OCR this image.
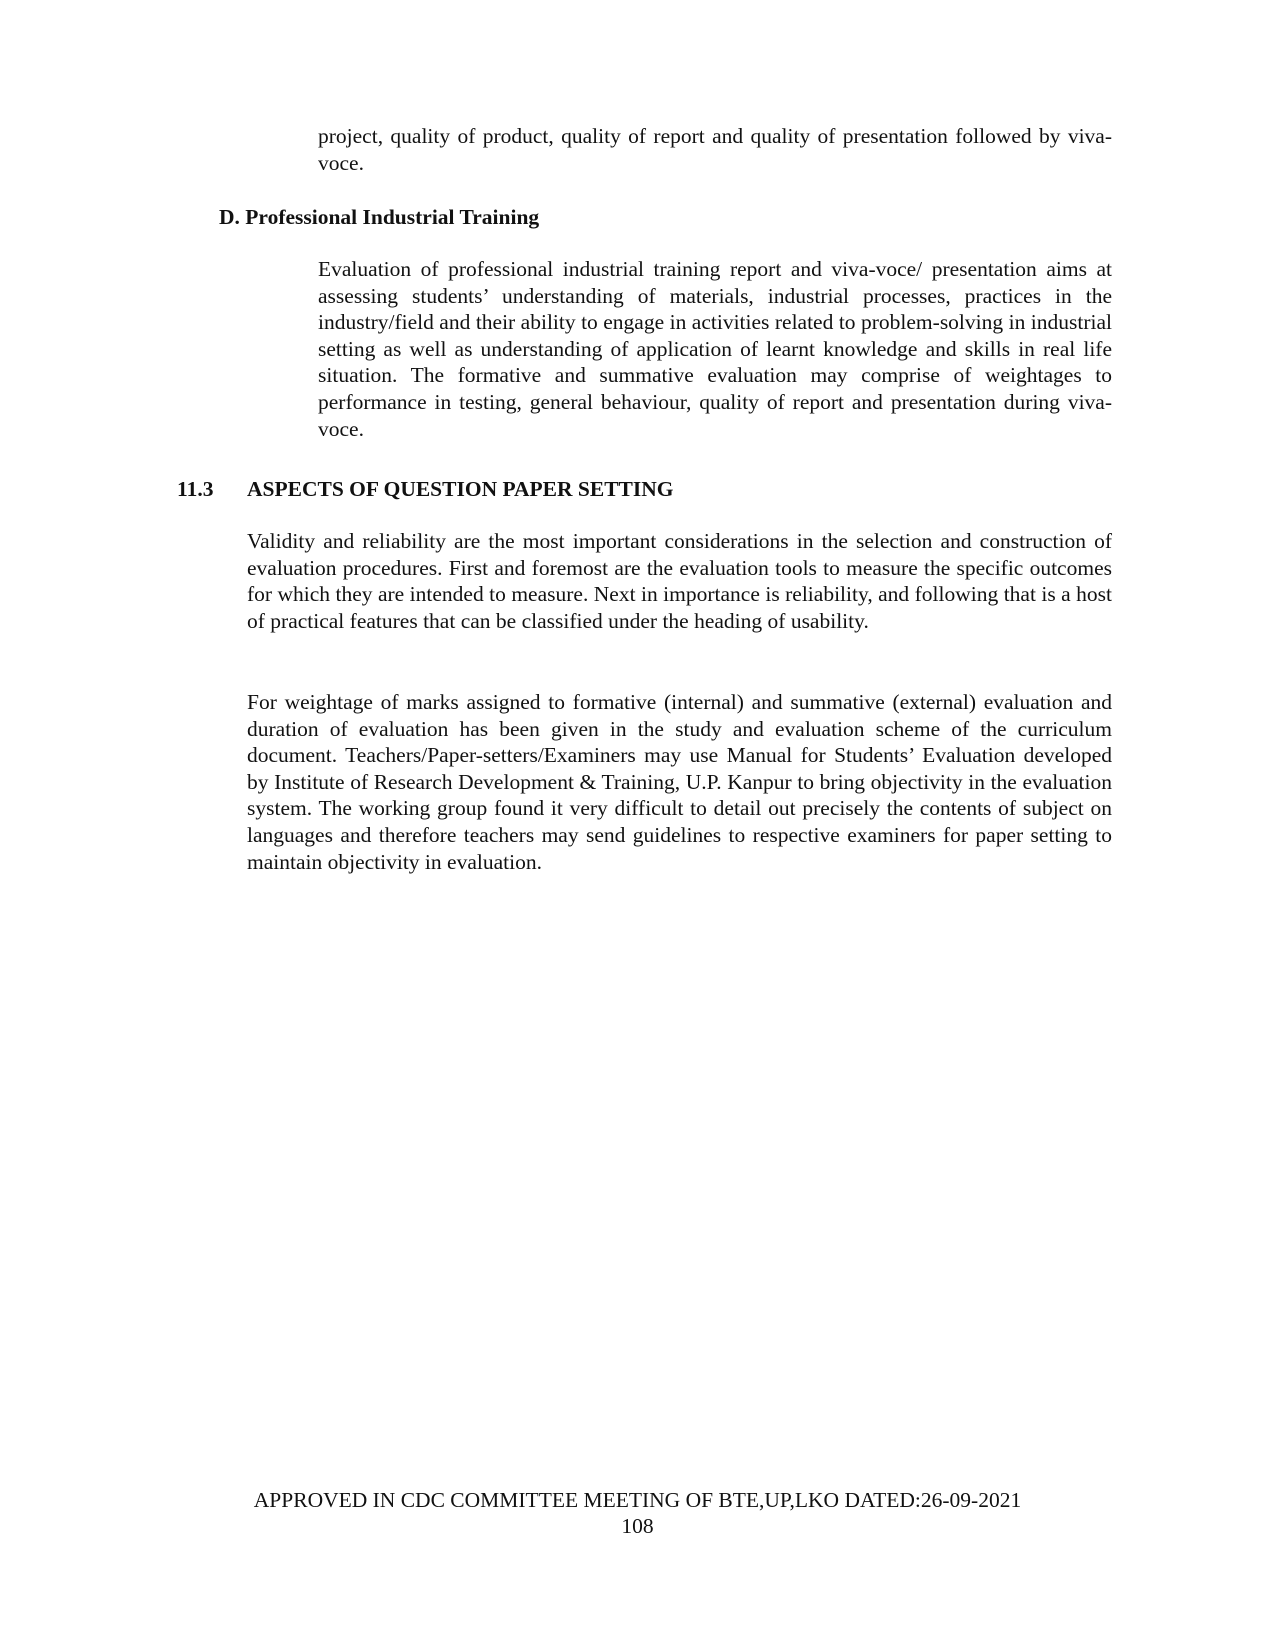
project, quality of product, quality of report and quality of presentation followed by viva-voce.

D. Professional Industrial Training

Evaluation of professional industrial training report and viva-voce/ presentation aims at assessing students’ understanding of materials, industrial processes, practices in the industry/field and their ability to engage in activities related to problem-solving in industrial setting as well as understanding of application of learnt knowledge and skills in real life situation. The formative and summative evaluation may comprise of weightages to performance in testing, general behaviour, quality of report and presentation during viva-voce.

11.3 ASPECTS OF QUESTION PAPER SETTING

Validity and reliability are the most important considerations in the selection and construction of evaluation procedures. First and foremost are the evaluation tools to measure the specific outcomes for which they are intended to measure. Next in importance is reliability, and following that is a host of practical features that can be classified under the heading of usability.

For weightage of marks assigned to formative (internal) and summative (external) evaluation and duration of evaluation has been given in the study and evaluation scheme of the curriculum document. Teachers/Paper-setters/Examiners may use Manual for Students’ Evaluation developed by Institute of Research Development & Training, U.P. Kanpur to bring objectivity in the evaluation system. The working group found it very difficult to detail out precisely the contents of subject on languages and therefore teachers may send guidelines to respective examiners for paper setting to maintain objectivity in evaluation.

APPROVED IN CDC COMMITTEE MEETING OF BTE,UP,LKO DATED:26-09-2021

108
